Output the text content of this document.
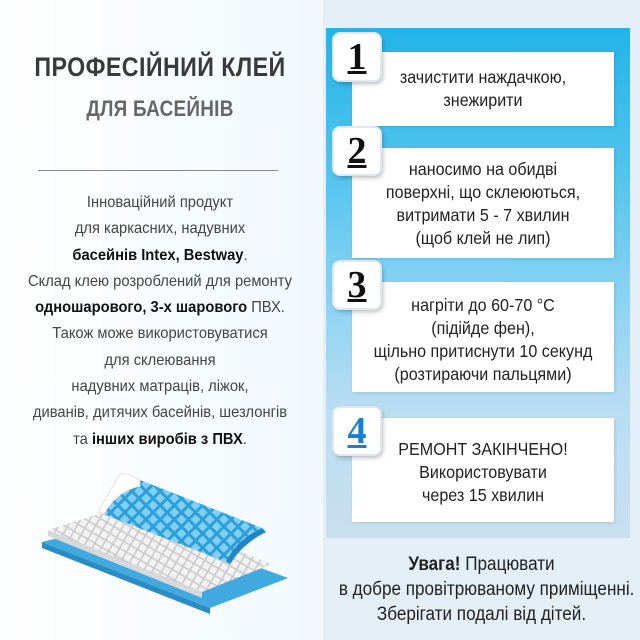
ПРОФЕСІЙНИЙ КЛЕЙ
ДЛЯ БАСЕЙНІВ
Інноваційний продукт
для каркасних, надувних
басейнів Intex, Bestway.
Склад клею розроблений для ремонту
одношарового, 3-х шарового ПВХ.
Також може використовуватися
для склеювання
надувних матраців, ліжок,
диванів, дитячих басейнів, шезлонгів
та інших виробів з ПВХ.
зачистити наждачкою,
знежирити
1
наносимо на обидві
поверхні, що склеюються,
витримати 5 - 7 хвилин
(щоб клей не лип)
2
нагріти до 60-70 °С
(підійде фен),
щільно притиснути 10 секунд
(розтираючи пальцями)
3
РЕМОНТ ЗАКІНЧЕНО!
Використовувати
через 15 хвилин
4
Увага! Працювати
в добре провітрюваному приміщенні.
Зберігати подалі від дітей.
